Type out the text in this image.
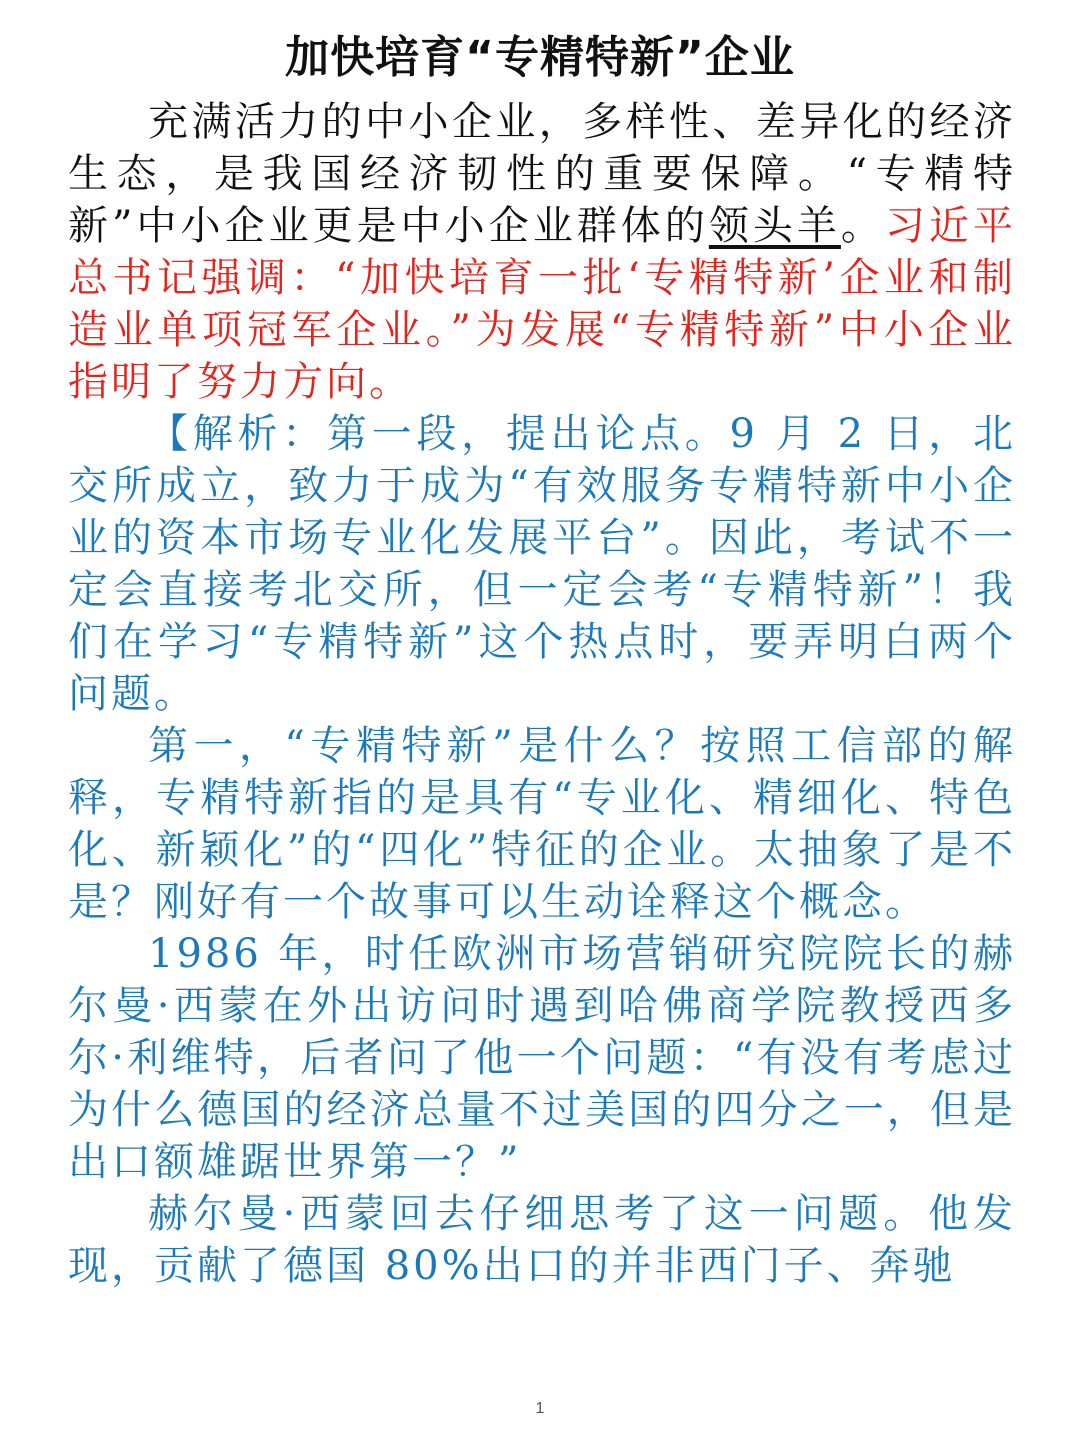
加快培育“专精特新”企业

充满活力的中小企业，多样性、差异化的经济生态，是我国经济韧性的重要保障。“专精特新”中小企业更是中小企业群体的领头羊。习近平总书记强调：“加快培育一批‘专精特新’企业和制造业单项冠军企业。”为发展“专精特新”中小企业指明了努力方向。

【解析：第一段，提出论点。9 月 2 日，北交所成立，致力于成为“有效服务专精特新中小企业的资本市场专业化发展平台”。因此，考试不一定会直接考北交所，但一定会考“专精特新”！我们在学习“专精特新”这个热点时，要弄明白两个问题。

第一，“专精特新”是什么？按照工信部的解释，专精特新指的是具有“专业化、精细化、特色化、新颖化”的“四化”特征的企业。太抽象了是不是？刚好有一个故事可以生动诠释这个概念。

1986 年，时任欧洲市场营销研究院院长的赫尔曼·西蒙在外出访问时遇到哈佛商学院教授西多尔·利维特，后者问了他一个问题：“有没有考虑过为什么德国的经济总量不过美国的四分之一，但是出口额雄踞世界第一？”

赫尔曼·西蒙回去仔细思考了这一问题。他发现，贡献了德国 80%出口的并非西门子、奔驰

1
